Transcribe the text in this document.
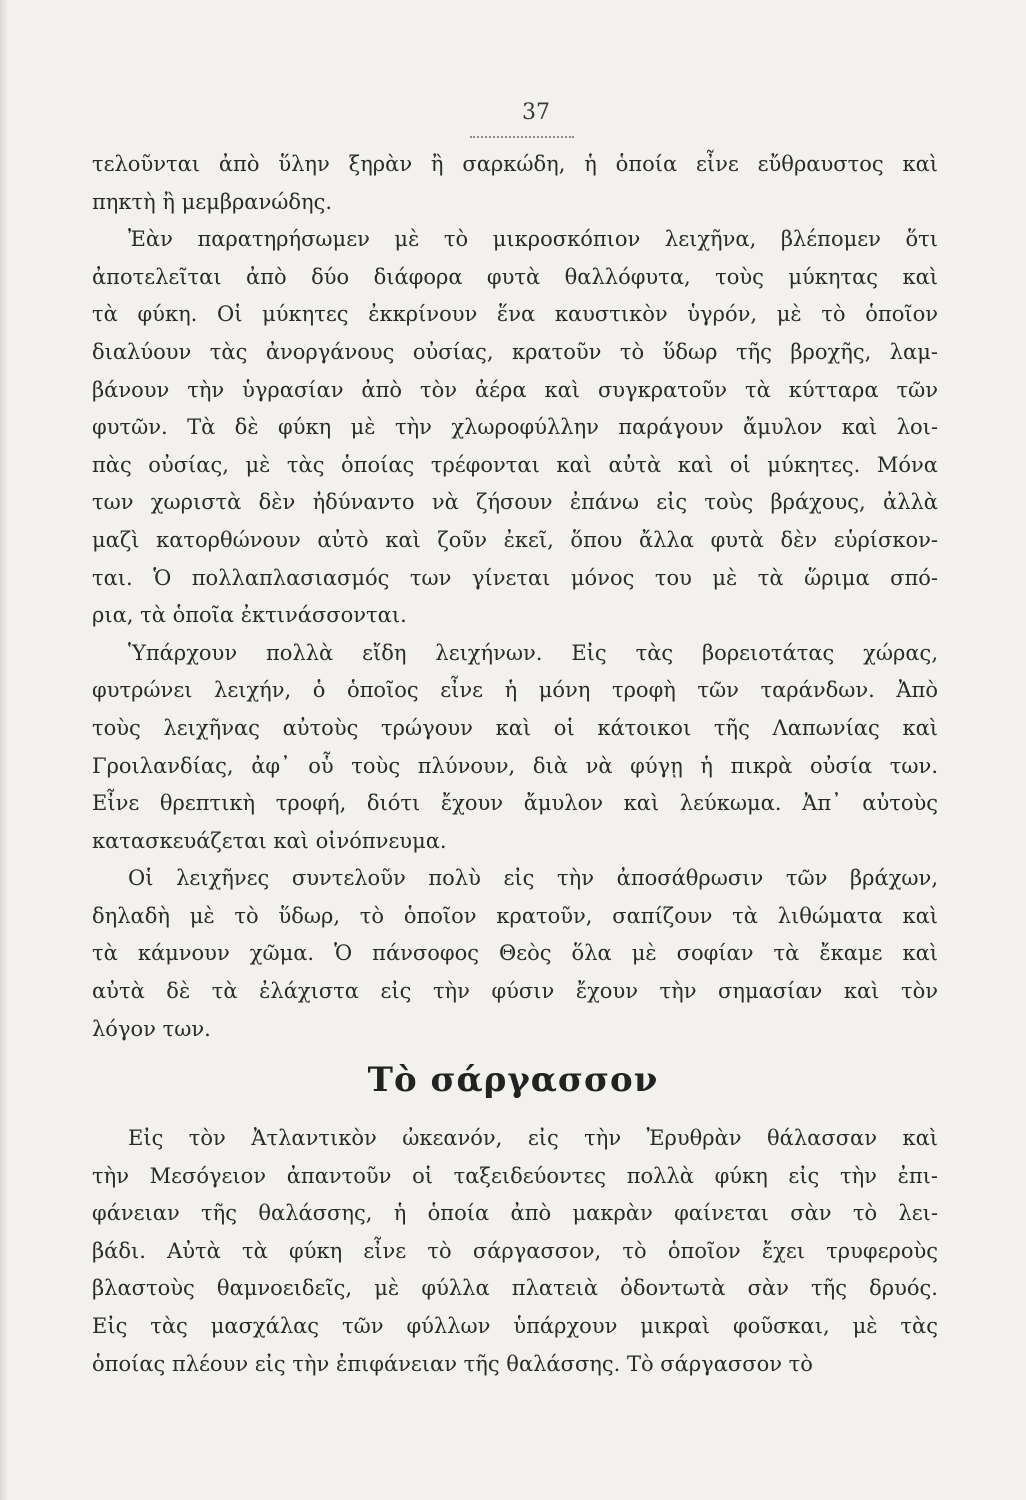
37
τελοῦνται ἀπὸ ὕλην ξηρὰν ἢ σαρκώδη, ἡ ὁποία εἶνε εὔθραυστος καὶ
πηκτὴ ἢ μεμβρανώδης.
Ἐὰν παρατηρήσωμεν μὲ τὸ μικροσκόπιον λειχῆνα, βλέπομεν ὅτι
ἀποτελεῖται ἀπὸ δύο διάφορα φυτὰ θαλλόφυτα, τοὺς μύκητας καὶ
τὰ φύκη. Οἱ μύκητες ἐκκρίνουν ἕνα καυστικὸν ὑγρόν, μὲ τὸ ὁποῖον
διαλύουν τὰς ἀνοργάνους οὐσίας, κρατοῦν τὸ ὕδωρ τῆς βροχῆς, λαμ-
βάνουν τὴν ὑγρασίαν ἀπὸ τὸν ἀέρα καὶ συγκρατοῦν τὰ κύτταρα τῶν
φυτῶν. Τὰ δὲ φύκη μὲ τὴν χλωροφύλλην παράγουν ἄμυλον καὶ λοι-
πὰς οὐσίας, μὲ τὰς ὁποίας τρέφονται καὶ αὐτὰ καὶ οἱ μύκητες. Μόνα
των χωριστὰ δὲν ἠδύναντο νὰ ζήσουν ἐπάνω εἰς τοὺς βράχους, ἀλλὰ
μαζὶ κατορθώνουν αὐτὸ καὶ ζοῦν ἐκεῖ, ὅπου ἄλλα φυτὰ δὲν εὑρίσκον-
ται. Ὁ πολλαπλασιασμός των γίνεται μόνος του μὲ τὰ ὥριμα σπό-
ρια, τὰ ὁποῖα ἐκτινάσσονται.
Ὑπάρχουν πολλὰ εἴδη λειχήνων. Εἰς τὰς βορειοτάτας χώρας,
φυτρώνει λειχήν, ὁ ὁποῖος εἶνε ἡ μόνη τροφὴ τῶν ταράνδων. Ἀπὸ
τοὺς λειχῆνας αὐτοὺς τρώγουν καὶ οἱ κάτοικοι τῆς Λαπωνίας καὶ
Γροιλανδίας, ἀφ᾽ οὗ τοὺς πλύνουν, διὰ νὰ φύγῃ ἡ πικρὰ οὐσία των.
Εἶνε θρεπτικὴ τροφή, διότι ἔχουν ἄμυλον καὶ λεύκωμα. Ἀπ᾽ αὐτοὺς
κατασκευάζεται καὶ οἰνόπνευμα.
Οἱ λειχῆνες συντελοῦν πολὺ εἰς τὴν ἀποσάθρωσιν τῶν βράχων,
δηλαδὴ μὲ τὸ ὕδωρ, τὸ ὁποῖον κρατοῦν, σαπίζουν τὰ λιθώματα καὶ
τὰ κάμνουν χῶμα. Ὁ πάνσοφος Θεὸς ὅλα μὲ σοφίαν τὰ ἔκαμε καὶ
αὐτὰ δὲ τὰ ἐλάχιστα εἰς τὴν φύσιν ἔχουν τὴν σημασίαν καὶ τὸν
λόγον των.
Τὸ σάργασσον
Εἰς τὸν Ἀτλαντικὸν ὠκεανόν, εἰς τὴν Ἐρυθρὰν θάλασσαν καὶ
τὴν Μεσόγειον ἀπαντοῦν οἱ ταξειδεύοντες πολλὰ φύκη εἰς τὴν ἐπι-
φάνειαν τῆς θαλάσσης, ἡ ὁποία ἀπὸ μακρὰν φαίνεται σὰν τὸ λει-
βάδι. Αὐτὰ τὰ φύκη εἶνε τὸ σάργασσον, τὸ ὁποῖον ἔχει τρυφεροὺς
βλαστοὺς θαμνοειδεῖς, μὲ φύλλα πλατειὰ ὀδοντωτὰ σὰν τῆς δρυός.
Εἰς τὰς μασχάλας τῶν φύλλων ὑπάρχουν μικραὶ φοῦσκαι, μὲ τὰς
ὁποίας πλέουν εἰς τὴν ἐπιφάνειαν τῆς θαλάσσης. Τὸ σάργασσον τὸ
